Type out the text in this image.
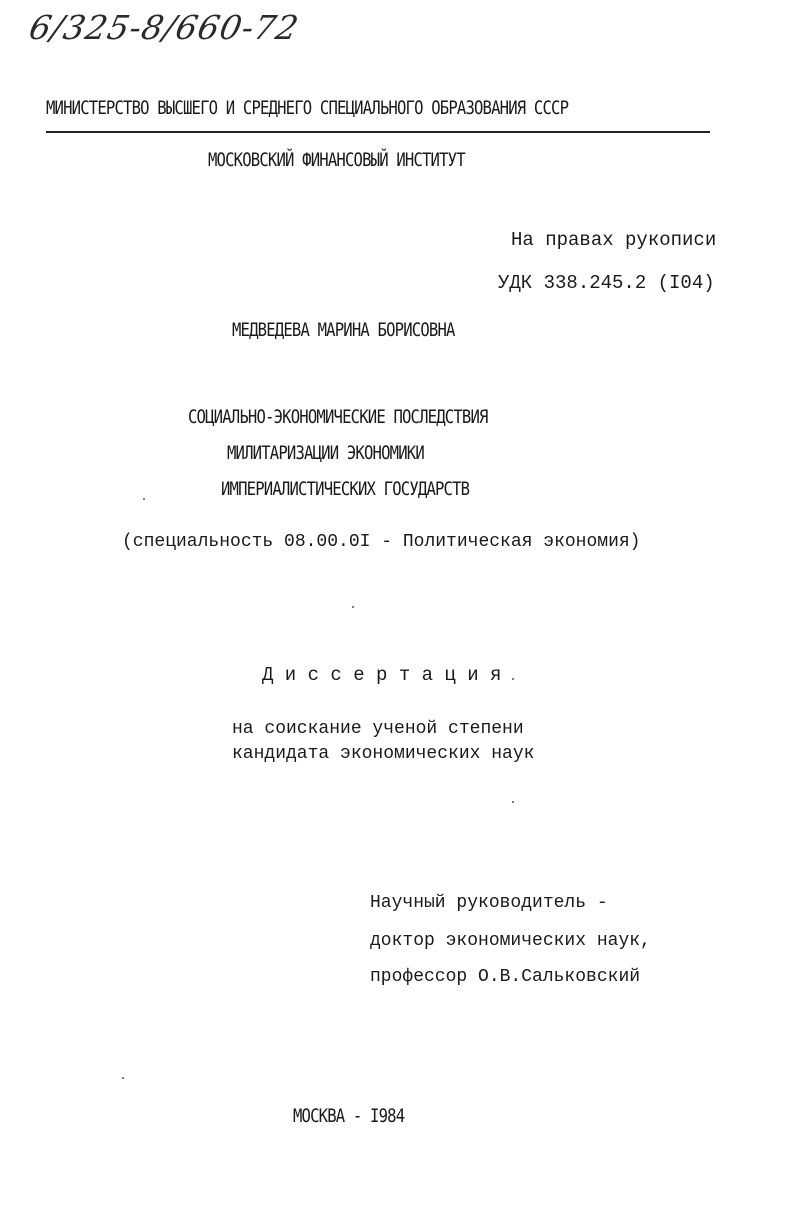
6/325-8/660-72
МИНИСТЕРСТВО ВЫСШЕГО И СРЕДНЕГО СПЕЦИАЛЬНОГО ОБРАЗОВАНИЯ СССР
МОСКОВСКИЙ ФИНАНСОВЫЙ ИНСТИТУТ
На правах рукописи
УДК 338.245.2 (I04)
МЕДВЕДЕВА МАРИНА БОРИСОВНА
СОЦИАЛЬНО-ЭКОНОМИЧЕСКИЕ ПОСЛЕДСТВИЯ
МИЛИТАРИЗАЦИИ ЭКОНОМИКИ
ИМПЕРИАЛИСТИЧЕСКИХ ГОСУДАРСТВ
(специальность 08.00.0I - Политическая экономия)
Д и с с е р т а ц и я
на соискание ученой степени
кандидата экономических наук
Научный руководитель -
доктор экономических наук,
профессор О.В.Сальковский
МОСКВА - I984
